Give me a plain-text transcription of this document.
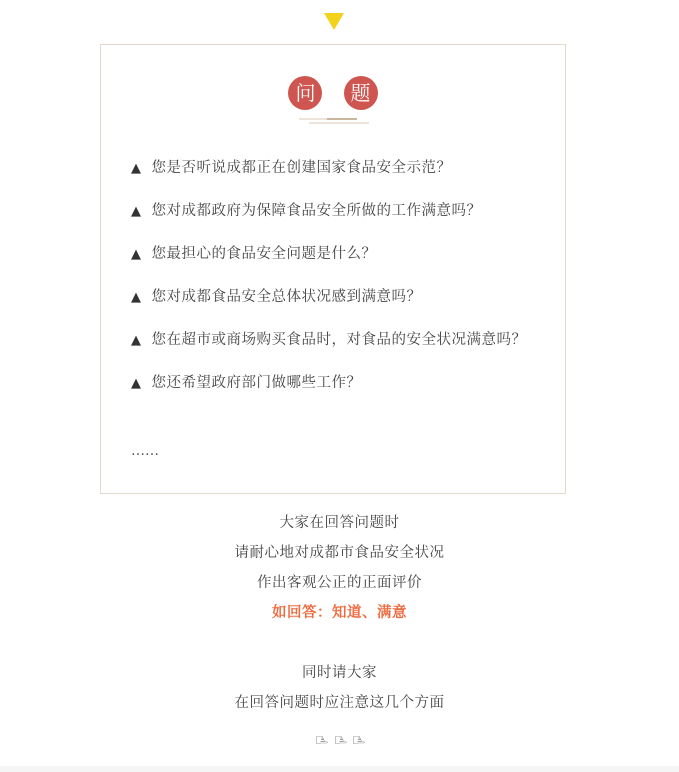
问 题
▲ 您是否听说成都正在创建国家食品安全示范？
▲ 您对成都政府为保障食品安全所做的工作满意吗？
▲ 您最担心的食品安全问题是什么？
▲ 您对成都食品安全总体状况感到满意吗？
▲ 您在超市或商场购买食品时，对食品的安全状况满意吗？
▲ 您还希望政府部门做哪些工作？
……
大家在回答问题时
请耐心地对成都市食品安全状况
作出客观公正的正面评价
如回答：知道、满意
同时请大家
在回答问题时应注意这几个方面
☝ ☝ ☝
